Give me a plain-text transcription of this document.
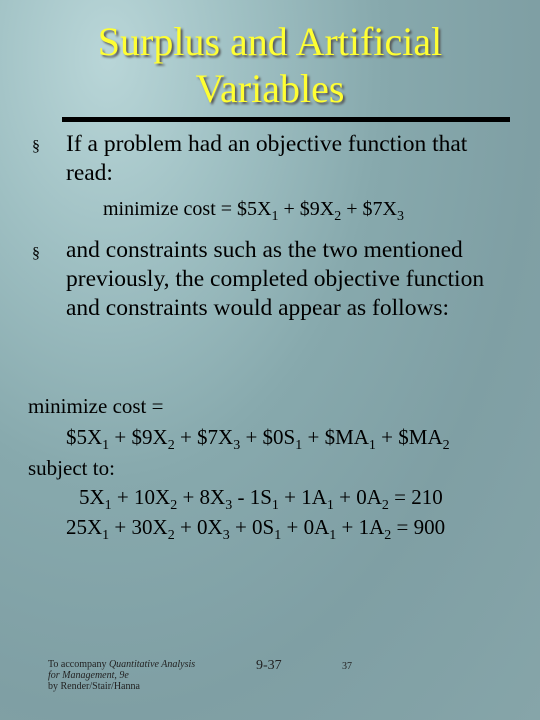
Surplus and Artificial
Variables
§ If a problem had an objective function that
read:
minimize $\cos t = \$5X_1$ + $\$9X_2$ + $\$7X_3$
§ and constraints such as the two mentioned previously, the completed objective function and constraints would appear as follows:
minimize cost =
$\$5X_1$ + $\$9X_2$ + $\$7X_3$ + $\$0S_1$ + $\$MA_1$ + $\$MA_2$
subject to:
$5X_1 + 10X_2 + 8X_3 - 1S_1 + 1A_1 + 0A_2 = 210$
$25X_1 + 30X_2 + 0X_3 + 0S_1 + 0A_1 + 1A_2 = 900$
To accompany Quantitative Analysis
for Management, 9e
by Render/Stair/Hanna
9-37	37
